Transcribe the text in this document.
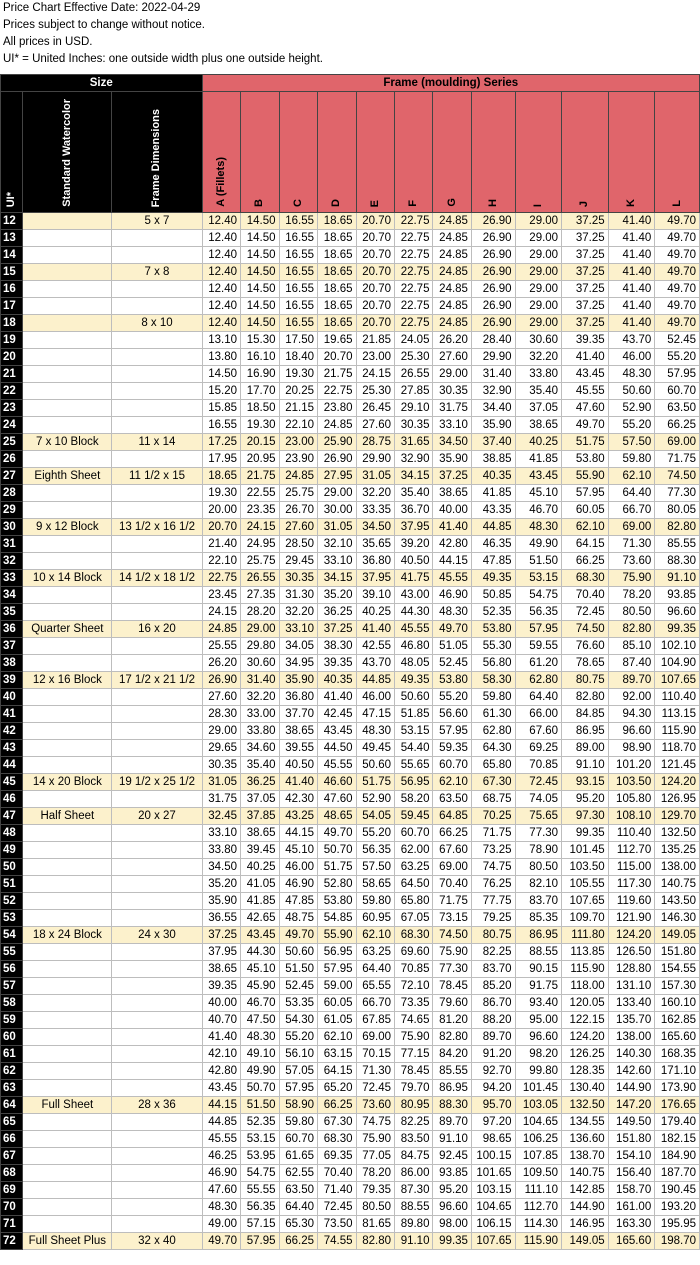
Price Chart Effective Date: 2022-04-29
Prices subject to change without notice.
All prices in USD.
UI* = United Inches: one outside width plus one outside height.
Size			Frame (moulding) Series											
UI*	Standard Watercolor	Frame Dimensions	A (Fillets)	B	C	D	E	F	G	H	I	J	K	L
12		5 x 7	12.40	14.50	16.55	18.65	20.70	22.75	24.85	26.90	29.00	37.25	41.40	49.70
13			12.40	14.50	16.55	18.65	20.70	22.75	24.85	26.90	29.00	37.25	41.40	49.70
14			12.40	14.50	16.55	18.65	20.70	22.75	24.85	26.90	29.00	37.25	41.40	49.70
15		7 x 8	12.40	14.50	16.55	18.65	20.70	22.75	24.85	26.90	29.00	37.25	41.40	49.70
16			12.40	14.50	16.55	18.65	20.70	22.75	24.85	26.90	29.00	37.25	41.40	49.70
17			12.40	14.50	16.55	18.65	20.70	22.75	24.85	26.90	29.00	37.25	41.40	49.70
18		8 x 10	12.40	14.50	16.55	18.65	20.70	22.75	24.85	26.90	29.00	37.25	41.40	49.70
19			13.10	15.30	17.50	19.65	21.85	24.05	26.20	28.40	30.60	39.35	43.70	52.45
20			13.80	16.10	18.40	20.70	23.00	25.30	27.60	29.90	32.20	41.40	46.00	55.20
21			14.50	16.90	19.30	21.75	24.15	26.55	29.00	31.40	33.80	43.45	48.30	57.95
22			15.20	17.70	20.25	22.75	25.30	27.85	30.35	32.90	35.40	45.55	50.60	60.70
23			15.85	18.50	21.15	23.80	26.45	29.10	31.75	34.40	37.05	47.60	52.90	63.50
24			16.55	19.30	22.10	24.85	27.60	30.35	33.10	35.90	38.65	49.70	55.20	66.25
25	7 x 10 Block	11 x 14	17.25	20.15	23.00	25.90	28.75	31.65	34.50	37.40	40.25	51.75	57.50	69.00
26			17.95	20.95	23.90	26.90	29.90	32.90	35.90	38.85	41.85	53.80	59.80	71.75
27	Eighth Sheet	11 1/2 x 15	18.65	21.75	24.85	27.95	31.05	34.15	37.25	40.35	43.45	55.90	62.10	74.50
28			19.30	22.55	25.75	29.00	32.20	35.40	38.65	41.85	45.10	57.95	64.40	77.30
29			20.00	23.35	26.70	30.00	33.35	36.70	40.00	43.35	46.70	60.05	66.70	80.05
30	9 x 12 Block	13 1/2 x 16 1/2	20.70	24.15	27.60	31.05	34.50	37.95	41.40	44.85	48.30	62.10	69.00	82.80
31			21.40	24.95	28.50	32.10	35.65	39.20	42.80	46.35	49.90	64.15	71.30	85.55
32			22.10	25.75	29.45	33.10	36.80	40.50	44.15	47.85	51.50	66.25	73.60	88.30
33	10 x 14 Block	14 1/2 x 18 1/2	22.75	26.55	30.35	34.15	37.95	41.75	45.55	49.35	53.15	68.30	75.90	91.10
34			23.45	27.35	31.30	35.20	39.10	43.00	46.90	50.85	54.75	70.40	78.20	93.85
35			24.15	28.20	32.20	36.25	40.25	44.30	48.30	52.35	56.35	72.45	80.50	96.60
36	Quarter Sheet	16 x 20	24.85	29.00	33.10	37.25	41.40	45.55	49.70	53.80	57.95	74.50	82.80	99.35
37			25.55	29.80	34.05	38.30	42.55	46.80	51.05	55.30	59.55	76.60	85.10	102.10
38			26.20	30.60	34.95	39.35	43.70	48.05	52.45	56.80	61.20	78.65	87.40	104.90
39	12 x 16 Block	17 1/2 x 21 1/2	26.90	31.40	35.90	40.35	44.85	49.35	53.80	58.30	62.80	80.75	89.70	107.65
40			27.60	32.20	36.80	41.40	46.00	50.60	55.20	59.80	64.40	82.80	92.00	110.40
41			28.30	33.00	37.70	42.45	47.15	51.85	56.60	61.30	66.00	84.85	94.30	113.15
42			29.00	33.80	38.65	43.45	48.30	53.15	57.95	62.80	67.60	86.95	96.60	115.90
43			29.65	34.60	39.55	44.50	49.45	54.40	59.35	64.30	69.25	89.00	98.90	118.70
44			30.35	35.40	40.50	45.55	50.60	55.65	60.70	65.80	70.85	91.10	101.20	121.45
45	14 x 20 Block	19 1/2 x 25 1/2	31.05	36.25	41.40	46.60	51.75	56.95	62.10	67.30	72.45	93.15	103.50	124.20
46			31.75	37.05	42.30	47.60	52.90	58.20	63.50	68.75	74.05	95.20	105.80	126.95
47	Half Sheet	20 x 27	32.45	37.85	43.25	48.65	54.05	59.45	64.85	70.25	75.65	97.30	108.10	129.70
48			33.10	38.65	44.15	49.70	55.20	60.70	66.25	71.75	77.30	99.35	110.40	132.50
49			33.80	39.45	45.10	50.70	56.35	62.00	67.60	73.25	78.90	101.45	112.70	135.25
50			34.50	40.25	46.00	51.75	57.50	63.25	69.00	74.75	80.50	103.50	115.00	138.00
51			35.20	41.05	46.90	52.80	58.65	64.50	70.40	76.25	82.10	105.55	117.30	140.75
52			35.90	41.85	47.85	53.80	59.80	65.80	71.75	77.75	83.70	107.65	119.60	143.50
53			36.55	42.65	48.75	54.85	60.95	67.05	73.15	79.25	85.35	109.70	121.90	146.30
54	18 x 24 Block	24 x 30	37.25	43.45	49.70	55.90	62.10	68.30	74.50	80.75	86.95	111.80	124.20	149.05
55			37.95	44.30	50.60	56.95	63.25	69.60	75.90	82.25	88.55	113.85	126.50	151.80
56			38.65	45.10	51.50	57.95	64.40	70.85	77.30	83.70	90.15	115.90	128.80	154.55
57			39.35	45.90	52.45	59.00	65.55	72.10	78.45	85.20	91.75	118.00	131.10	157.30
58			40.00	46.70	53.35	60.05	66.70	73.35	79.60	86.70	93.40	120.05	133.40	160.10
59			40.70	47.50	54.30	61.05	67.85	74.65	81.20	88.20	95.00	122.15	135.70	162.85
60			41.40	48.30	55.20	62.10	69.00	75.90	82.80	89.70	96.60	124.20	138.00	165.60
61			42.10	49.10	56.10	63.15	70.15	77.15	84.20	91.20	98.20	126.25	140.30	168.35
62			42.80	49.90	57.05	64.15	71.30	78.45	85.55	92.70	99.80	128.35	142.60	171.10
63			43.45	50.70	57.95	65.20	72.45	79.70	86.95	94.20	101.45	130.40	144.90	173.90
64	Full Sheet	28 x 36	44.15	51.50	58.90	66.25	73.60	80.95	88.30	95.70	103.05	132.50	147.20	176.65
65			44.85	52.35	59.80	67.30	74.75	82.25	89.70	97.20	104.65	134.55	149.50	179.40
66			45.55	53.15	60.70	68.30	75.90	83.50	91.10	98.65	106.25	136.60	151.80	182.15
67			46.25	53.95	61.65	69.35	77.05	84.75	92.45	100.15	107.85	138.70	154.10	184.90
68			46.90	54.75	62.55	70.40	78.20	86.00	93.85	101.65	109.50	140.75	156.40	187.70
69			47.60	55.55	63.50	71.40	79.35	87.30	95.20	103.15	111.10	142.85	158.70	190.45
70			48.30	56.35	64.40	72.45	80.50	88.55	96.60	104.65	112.70	144.90	161.00	193.20
71			49.00	57.15	65.30	73.50	81.65	89.80	98.00	106.15	114.30	146.95	163.30	195.95
72	Full Sheet Plus	32 x 40	49.70	57.95	66.25	74.55	82.80	91.10	99.35	107.65	115.90	149.05	165.60	198.70
